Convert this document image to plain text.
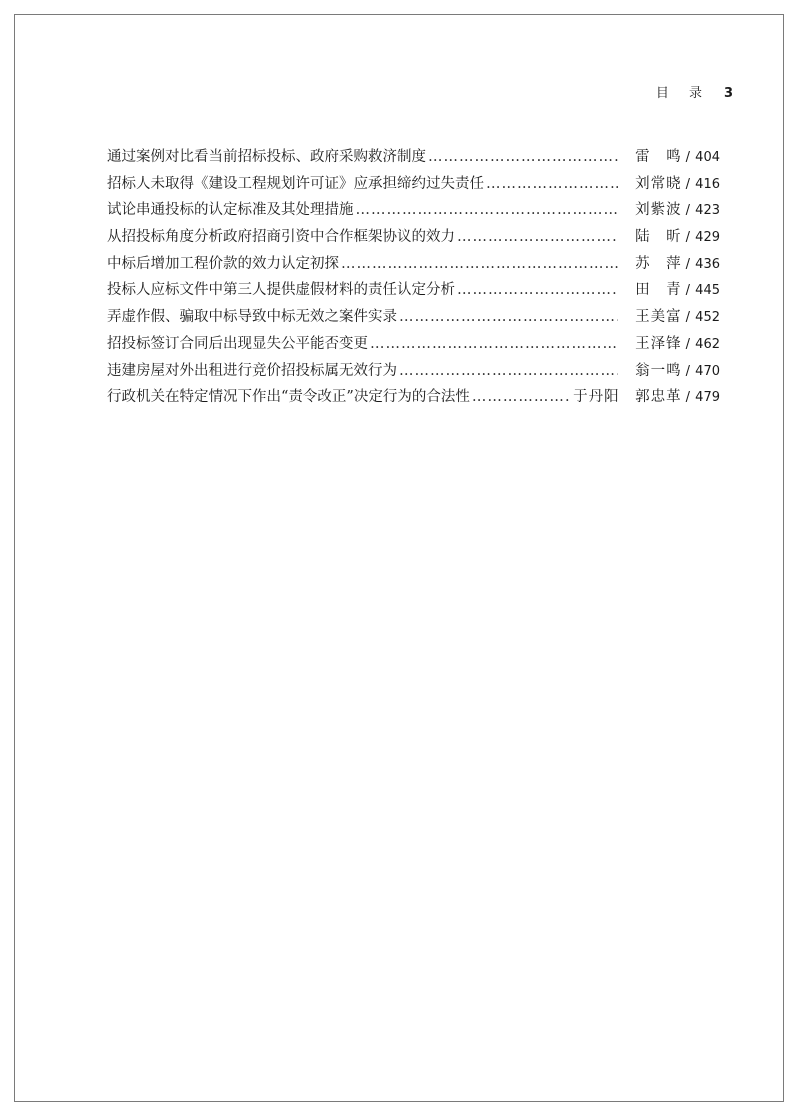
目 录 3
通过案例对比看当前招标投标、政府采购救济制度 ……………………………………………………………………………………………………………………	雷　鸣 / 404
招标人未取得《建设工程规划许可证》应承担缔约过失责任 ……………………………………………………………………………………………………………………	刘常晓 / 416
试论串通投标的认定标准及其处理措施 ……………………………………………………………………………………………………………………	刘紫波 / 423
从招投标角度分析政府招商引资中合作框架协议的效力 ……………………………………………………………………………………………………………………	陆　昕 / 429
中标后增加工程价款的效力认定初探 ……………………………………………………………………………………………………………………	苏　萍 / 436
投标人应标文件中第三人提供虚假材料的责任认定分析 ……………………………………………………………………………………………………………………	田　青 / 445
弄虚作假、骗取中标导致中标无效之案件实录 ……………………………………………………………………………………………………………………	王美富 / 452
招投标签订合同后出现显失公平能否变更 ……………………………………………………………………………………………………………………	王泽锋 / 462
违建房屋对外出租进行竞价招投标属无效行为 ……………………………………………………………………………………………………………………	翁一鸣 / 470
行政机关在特定情况下作出“责令改正”决定行为的合法性 ……………………………………………………………………………………………………………………	于丹阳　郭忠革 / 479
